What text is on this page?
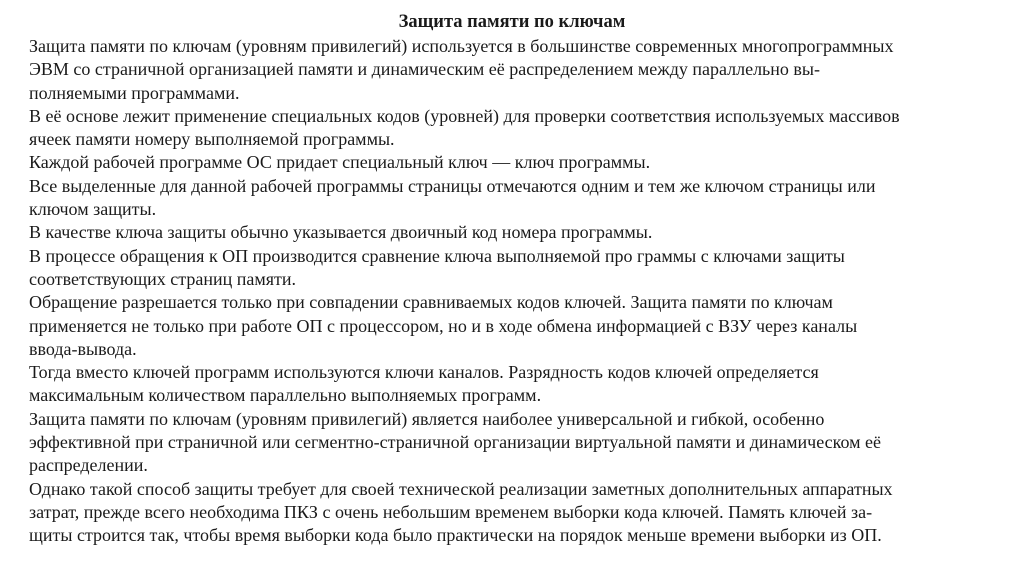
Защита памяти по ключам
Защита памяти по ключам (уровням привилегий) используется в большинстве современных многопрограммных
ЭВМ со страничной организацией памяти и динамическим её распределением между параллельно вы-
полняемыми программами.
В её основе лежит применение специальных кодов (уровней) для проверки соответствия используемых массивов
ячеек памяти номеру выполняемой программы.
Каждой рабочей программе ОС придает специальный ключ — ключ программы.
Все выделенные для данной рабочей программы страницы отмечаются одним и тем же ключом страницы или
ключом защиты.
В качестве ключа защиты обычно указывается двоичный код номера программы.
В процессе обращения к ОП производится сравнение ключа выполняемой про граммы с ключами защиты
соответствующих страниц памяти.
Обращение разрешается только при совпадении сравниваемых кодов ключей. Защита памяти по ключам
применяется не только при работе ОП с процессором, но и в ходе обмена информацией с ВЗУ через каналы
ввода-вывода.
Тогда вместо ключей программ используются ключи каналов. Разрядность кодов ключей определяется
максимальным количеством параллельно выполняемых программ.
Защита памяти по ключам (уровням привилегий) является наиболее универсальной и гибкой, особенно
эффективной при страничной или сегментно-страничной организации виртуальной памяти и динамическом её
распределении.
Однако такой способ защиты требует для своей технической реализации заметных дополнительных аппаратных
затрат, прежде всего необходима ПКЗ с очень небольшим временем выборки кода ключей. Память ключей за-
щиты строится так, чтобы время выборки кода было практически на порядок меньше времени выборки из ОП.
